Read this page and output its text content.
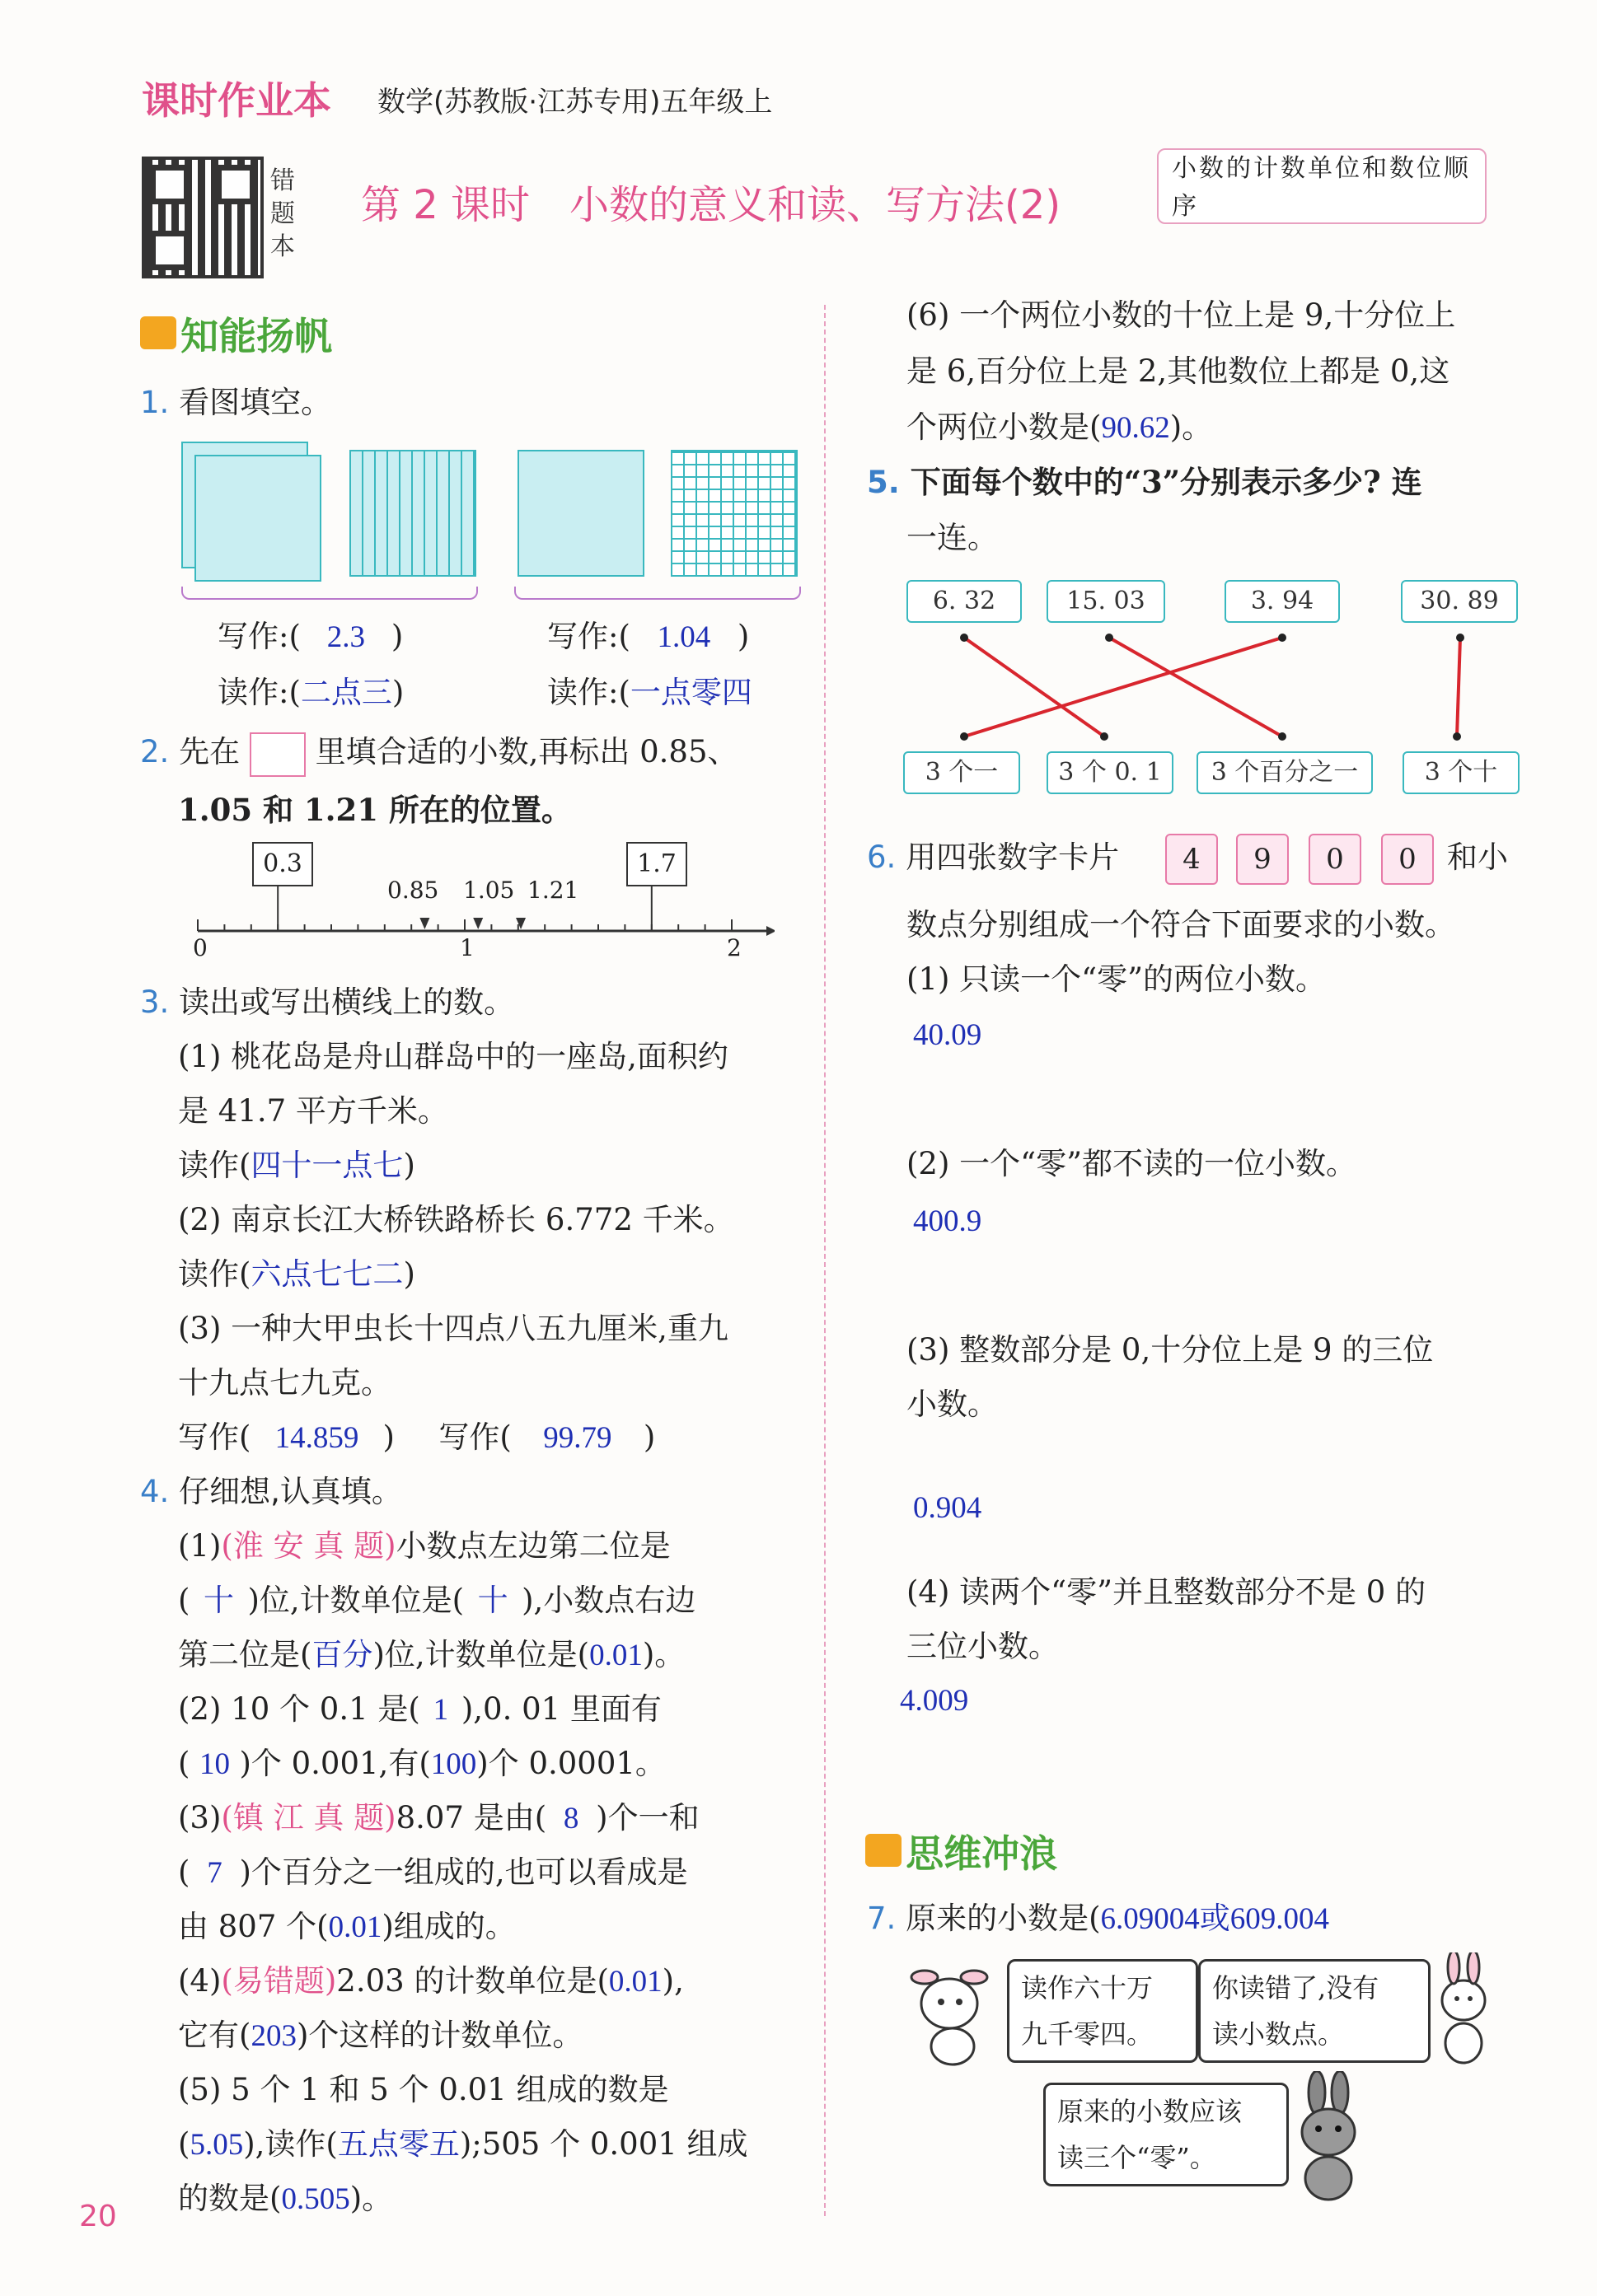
课时作业本 数学(苏教版·江苏专用)五年级上
错题本
第 2 课时　小数的意义和读、写方法(2)
小数的计数单位和数位顺序
知能扬帆
1. 看图填空。
写作:( 2.3 )	写作:( 1.04 )
读作:(二点三)	读作:(一点零四
2. 先在 里填合适的小数,再标出 0.85、
1.05 和 1.21 所在的位置。
0.3	1.7
0.85 1.05 1.21
0	1	2
3. 读出或写出横线上的数。
(1) 桃花岛是舟山群岛中的一座岛,面积约
是 41.7 平方千米。
读作(四十一点七)
(2) 南京长江大桥铁路桥长 6.772 千米。
读作(六点七七二)
(3) 一种大甲虫长十四点八五九厘米,重九
十九点七九克。
写作( 14.859 ) 写作( 99.79 )
4. 仔细想,认真填。
(1)(淮 安 真 题)小数点左边第二位是
( 十 )位,计数单位是( 十 ),小数点右边
第二位是(百分)位,计数单位是(0.01)。
(2) 10 个 0.1 是( 1 ),0. 01 里面有
( 10 )个 0.001,有(100)个 0.0001。
(3)(镇 江 真 题)8.07 是由( 8 )个一和
( 7 )个百分之一组成的,也可以看成是
由 807 个(0.01)组成的。
(4)(易错题)2.03 的计数单位是(0.01),
它有(203)个这样的计数单位。
(5) 5 个 1 和 5 个 0.01 组成的数是
(5.05),读作(五点零五);505 个 0.001 组成
的数是(0.505)。
20
(6) 一个两位小数的十位上是 9,十分位上
是 6,百分位上是 2,其他数位上都是 0,这
个两位小数是(90.62)。
5. 下面每个数中的“3”分别表示多少? 连
一连。
6. 32	15. 03	3. 94	30. 89
3 个一	3 个 0. 1	3 个百分之一	3 个十
6. 用四张数字卡片	4	9	0	0	和小
数点分别组成一个符合下面要求的小数。
(1) 只读一个“零”的两位小数。
40.09
(2) 一个“零”都不读的一位小数。
400.9
(3) 整数部分是 0,十分位上是 9 的三位
小数。
0.904
(4) 读两个“零”并且整数部分不是 0 的
三位小数。
4.009
思维冲浪
7. 原来的小数是(6.09004或609.004
读作六十万
九千零四。
你读错了,没有
读小数点。
原来的小数应该
读三个“零”。
